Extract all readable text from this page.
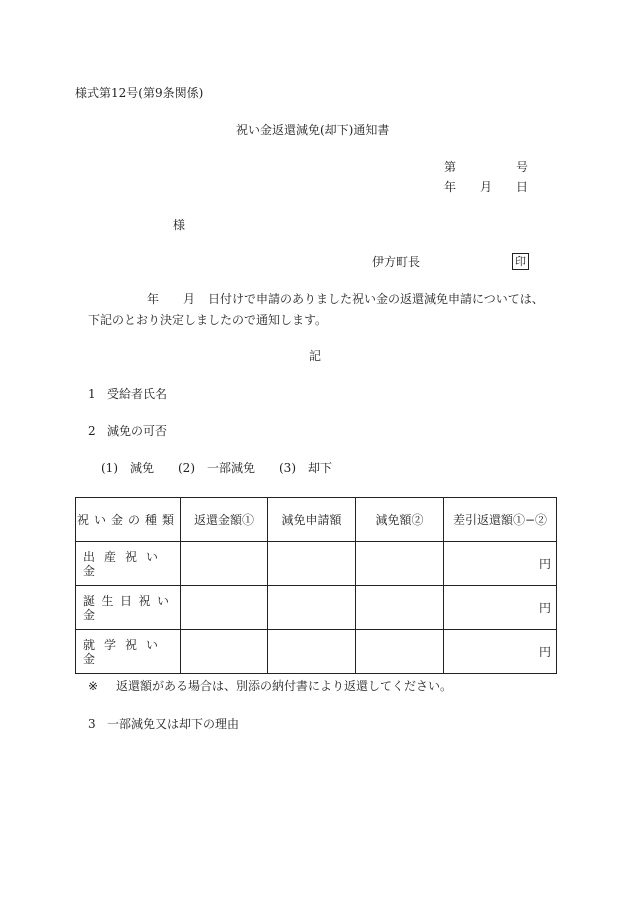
様式第12号(第9条関係)
祝い金返還減免(却下)通知書
第	号
年 月 日
様
伊方町長	印
年 月 日付けで申請のありました祝い金の返還減免申請については、
下記のとおり決定しましたので通知します。
記
1 受給者氏名
2 減免の可否
(1) 減免 (2) 一部減免 (3) 却下
祝い金の種類	返還金額①	減免申請額	減免額②	差引返還額①−②
出産祝い金				円
誕生日祝い金				円
就学祝い金				円
※ 返還額がある場合は、別添の納付書により返還してください。
3 一部減免又は却下の理由
